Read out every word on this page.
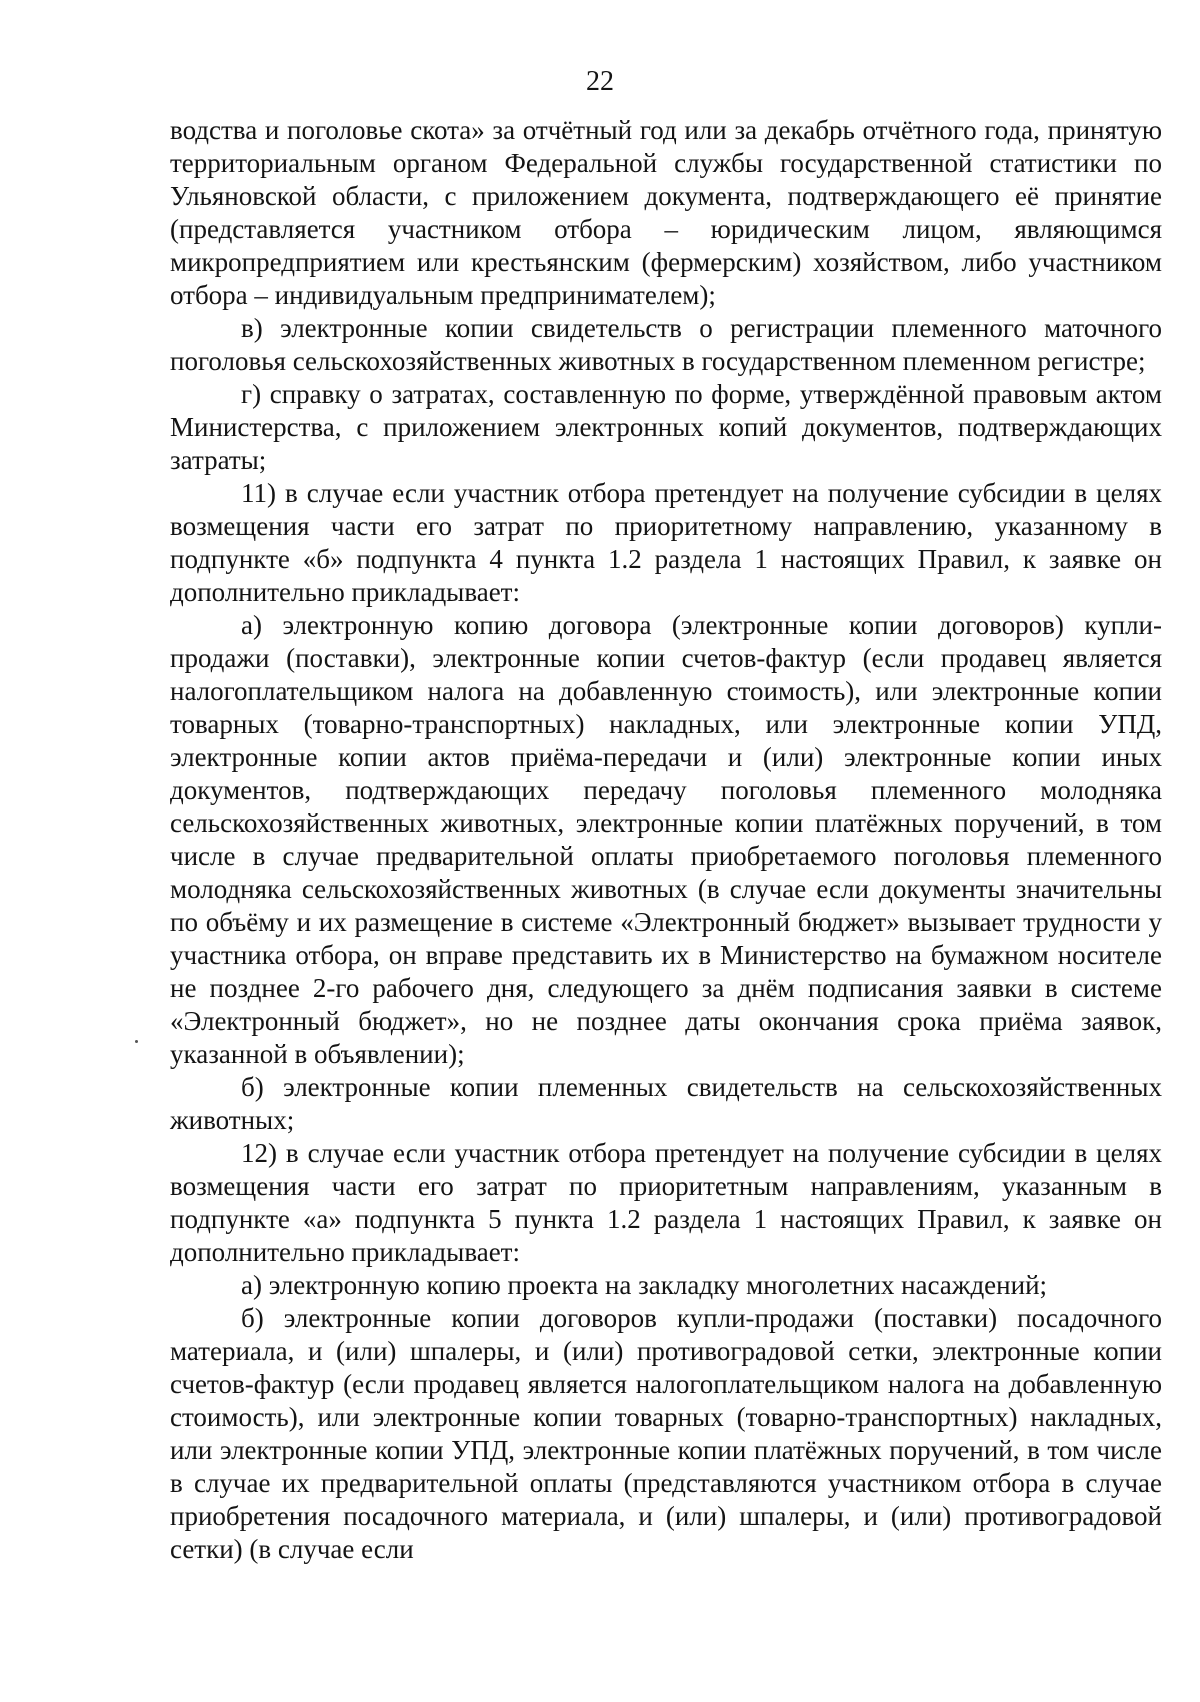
22

водства и поголовье скота» за отчётный год или за декабрь отчётного года, принятую территориальным органом Федеральной службы государственной статистики по Ульяновской области, с приложением документа, подтверждающего её принятие (представляется участником отбора – юридическим лицом, являющимся микропредприятием или крестьянским (фермерским) хозяйством, либо участником отбора – индивидуальным предпринимателем);

в) электронные копии свидетельств о регистрации племенного маточного поголовья сельскохозяйственных животных в государственном племенном регистре;

г) справку о затратах, составленную по форме, утверждённой правовым актом Министерства, с приложением электронных копий документов, подтверждающих затраты;

11) в случае если участник отбора претендует на получение субсидии в целях возмещения части его затрат по приоритетному направлению, указанному в подпункте «б» подпункта 4 пункта 1.2 раздела 1 настоящих Правил, к заявке он дополнительно прикладывает:

а) электронную копию договора (электронные копии договоров) купли-продажи (поставки), электронные копии счетов-фактур (если продавец является налогоплательщиком налога на добавленную стоимость), или электронные копии товарных (товарно-транспортных) накладных, или электронные копии УПД, электронные копии актов приёма-передачи и (или) электронные копии иных документов, подтверждающих передачу поголовья племенного молодняка сельскохозяйственных животных, электронные копии платёжных поручений, в том числе в случае предварительной оплаты приобретаемого поголовья племенного молодняка сельскохозяйственных животных (в случае если документы значительны по объёму и их размещение в системе «Электронный бюджет» вызывает трудности у участника отбора, он вправе представить их в Министерство на бумажном носителе не позднее 2-го рабочего дня, следующего за днём подписания заявки в системе «Электронный бюджет», но не позднее даты окончания срока приёма заявок, указанной в объявлении);

б) электронные копии племенных свидетельств на сельскохозяйственных животных;

12) в случае если участник отбора претендует на получение субсидии в целях возмещения части его затрат по приоритетным направлениям, указанным в подпункте «а» подпункта 5 пункта 1.2 раздела 1 настоящих Правил, к заявке он дополнительно прикладывает:

а) электронную копию проекта на закладку многолетних насаждений;

б) электронные копии договоров купли-продажи (поставки) посадочного материала, и (или) шпалеры, и (или) противоградовой сетки, электронные копии счетов-фактур (если продавец является налогоплательщиком налога на добавленную стоимость), или электронные копии товарных (товарно-транспортных) накладных, или электронные копии УПД, электронные копии платёжных поручений, в том числе в случае их предварительной оплаты (представляются участником отбора в случае приобретения посадочного материала, и (или) шпалеры, и (или) противоградовой сетки) (в случае если
